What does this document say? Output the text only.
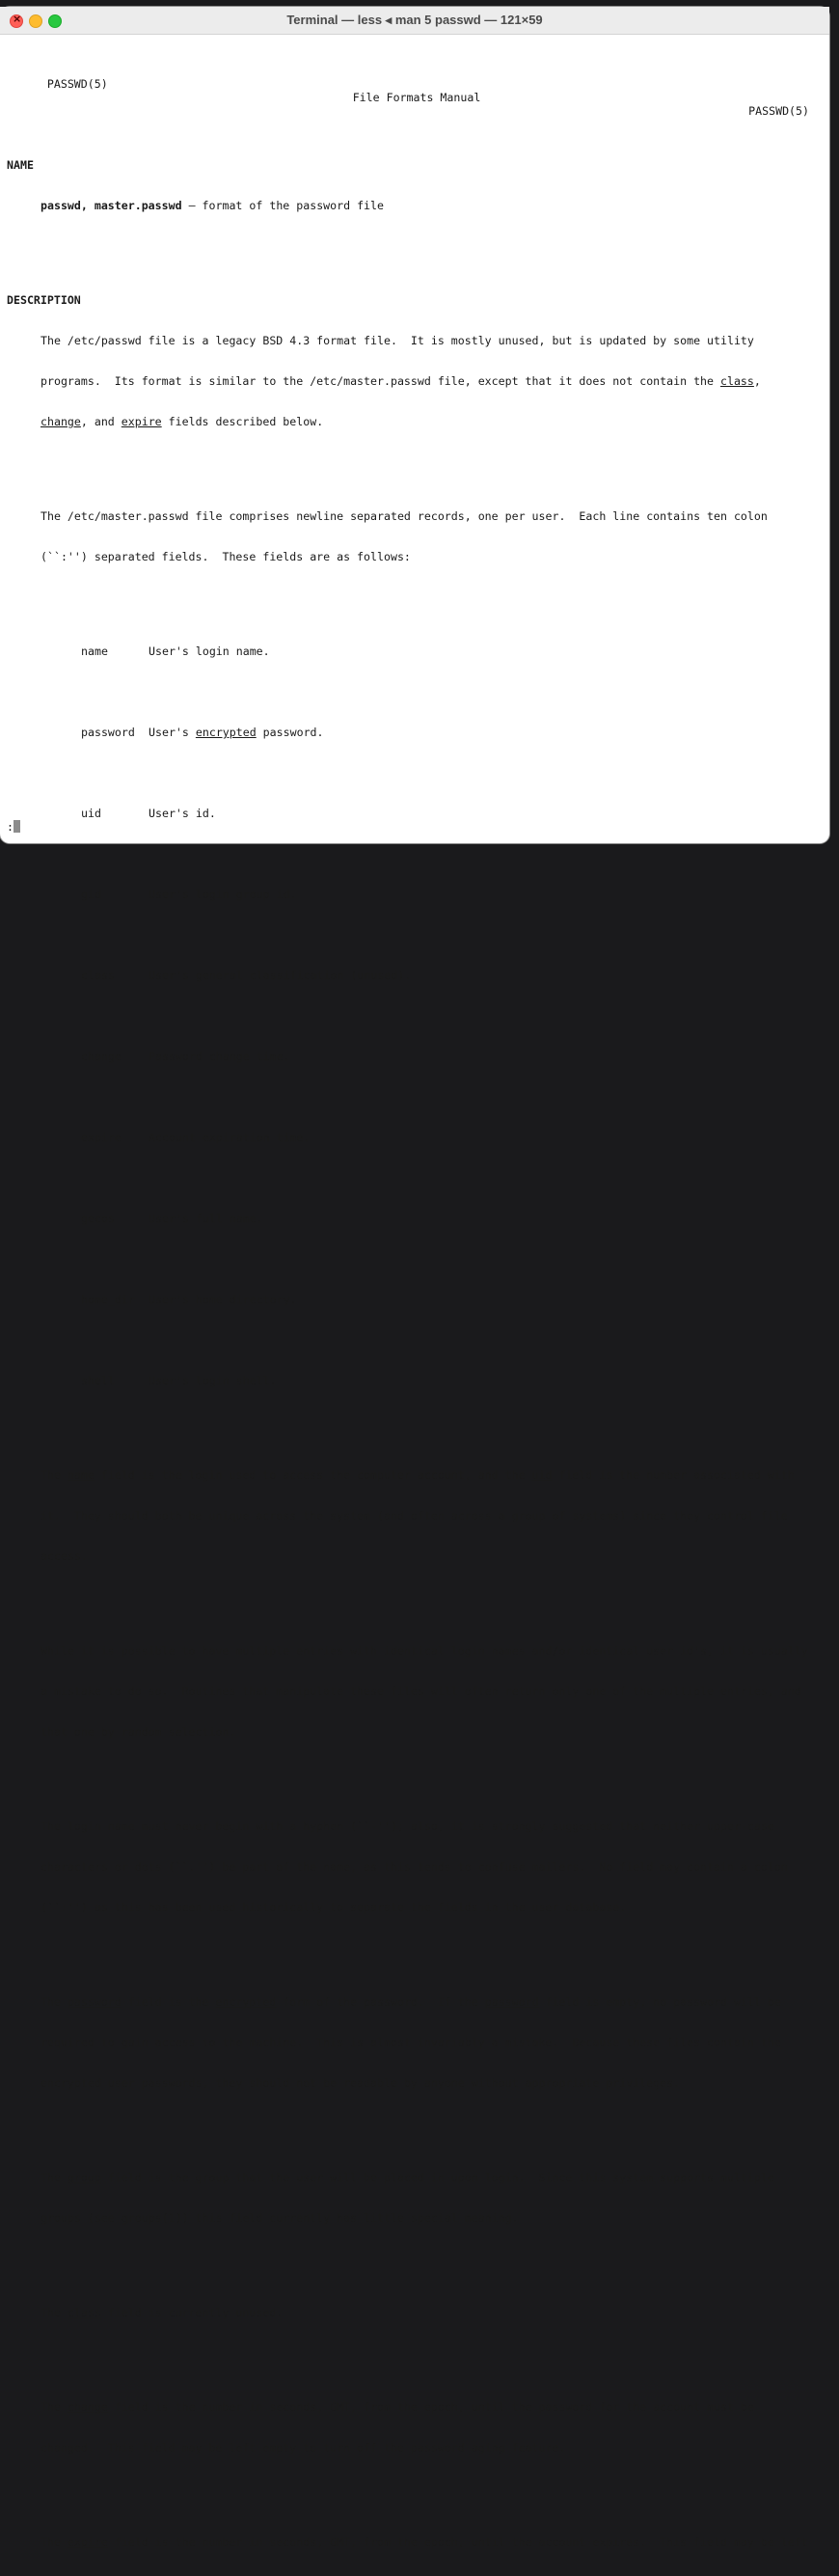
×
Terminal — less ◂ man 5 passwd — 121×59

PASSWD(5)

File Formats Manual

PASSWD(5)

NAME

passwd, master.passwd – format of the password file

DESCRIPTION

The /etc/passwd file is a legacy BSD 4.3 format file.  It is mostly unused, but is updated by some utility

programs.  Its format is similar to the /etc/master.passwd file, except that it does not contain the class,

change, and expire fields described below.

The /etc/master.passwd file comprises newline separated records, one per user.  Each line contains ten colon

(``:'') separated fields.  These fields are as follows:

name	User's login name.

password User's encrypted password.

uid	User's id.

gid	User's login group id.

class	User's general classification (unused).

change Password change time.

expire Account expiration time.

gecos	User's full name.

home_dir User's home directory.

shell	User's login shell.

The name field is the login used to access the computer account, and the uid field is the number associated with

it.  They should both be unique across the system (and often across a group of systems) since they control file

access.

While it is possible to have multiple entries with identical login names and/or identical user id's, it is usually

a mistake to do so.  Routines that manipulate these files will often return only one of the multiple entries, and

that one by random selection.

The login name must never begin with a hyphen (``-''); also, it is strongly suggested that neither upper-case

characters or dots (``.'') be part of the name, as this tends to confuse mailers.  No field may contain a colon

(``:'') as this has been used historically to separate the fields in the user database.

The password field is the encrypted form of the password.  If the password field is empty, no password will be

required to gain access to the machine.  This is almost invariably a mistake.  Because these files contain the

encrypted user passwords, they should not be readable by anyone without appropriate privileges.

The group field is the group that the user will be placed in upon login.  Since this system supports multiple

groups (see groups(1)) this field currently has little special meaning.

The class field is currently unused.

The change field is the number in seconds, GMT, from the epoch, until the password for the account must be

changed.  This field may be left empty to turn off the password aging feature.

The expire field is the number in seconds, GMT, from the epoch, until the account expires.  This field may be left

:
